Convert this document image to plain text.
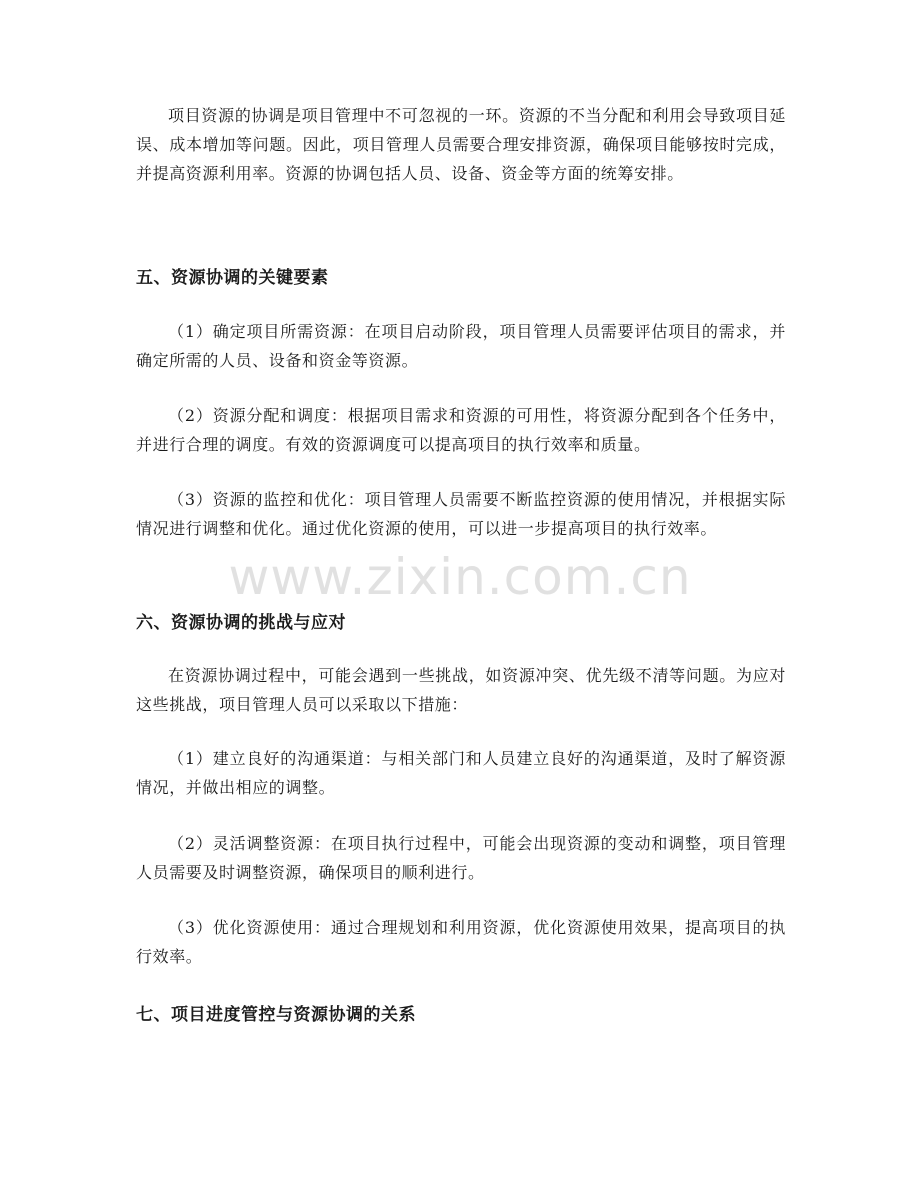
项目资源的协调是项目管理中不可忽视的一环。资源的不当分配和利用会导致项目延误、成本增加等问题。因此，项目管理人员需要合理安排资源，确保项目能够按时完成，并提高资源利用率。资源的协调包括人员、设备、资金等方面的统筹安排。

五、资源协调的关键要素

（1）确定项目所需资源：在项目启动阶段，项目管理人员需要评估项目的需求，并确定所需的人员、设备和资金等资源。

（2）资源分配和调度：根据项目需求和资源的可用性，将资源分配到各个任务中，并进行合理的调度。有效的资源调度可以提高项目的执行效率和质量。

（3）资源的监控和优化：项目管理人员需要不断监控资源的使用情况，并根据实际情况进行调整和优化。通过优化资源的使用，可以进一步提高项目的执行效率。

六、资源协调的挑战与应对

在资源协调过程中，可能会遇到一些挑战，如资源冲突、优先级不清等问题。为应对这些挑战，项目管理人员可以采取以下措施：

（1）建立良好的沟通渠道：与相关部门和人员建立良好的沟通渠道，及时了解资源情况，并做出相应的调整。

（2）灵活调整资源：在项目执行过程中，可能会出现资源的变动和调整，项目管理人员需要及时调整资源，确保项目的顺利进行。

（3）优化资源使用：通过合理规划和利用资源，优化资源使用效果，提高项目的执行效率。

七、项目进度管控与资源协调的关系
www.zixin.com.cn
